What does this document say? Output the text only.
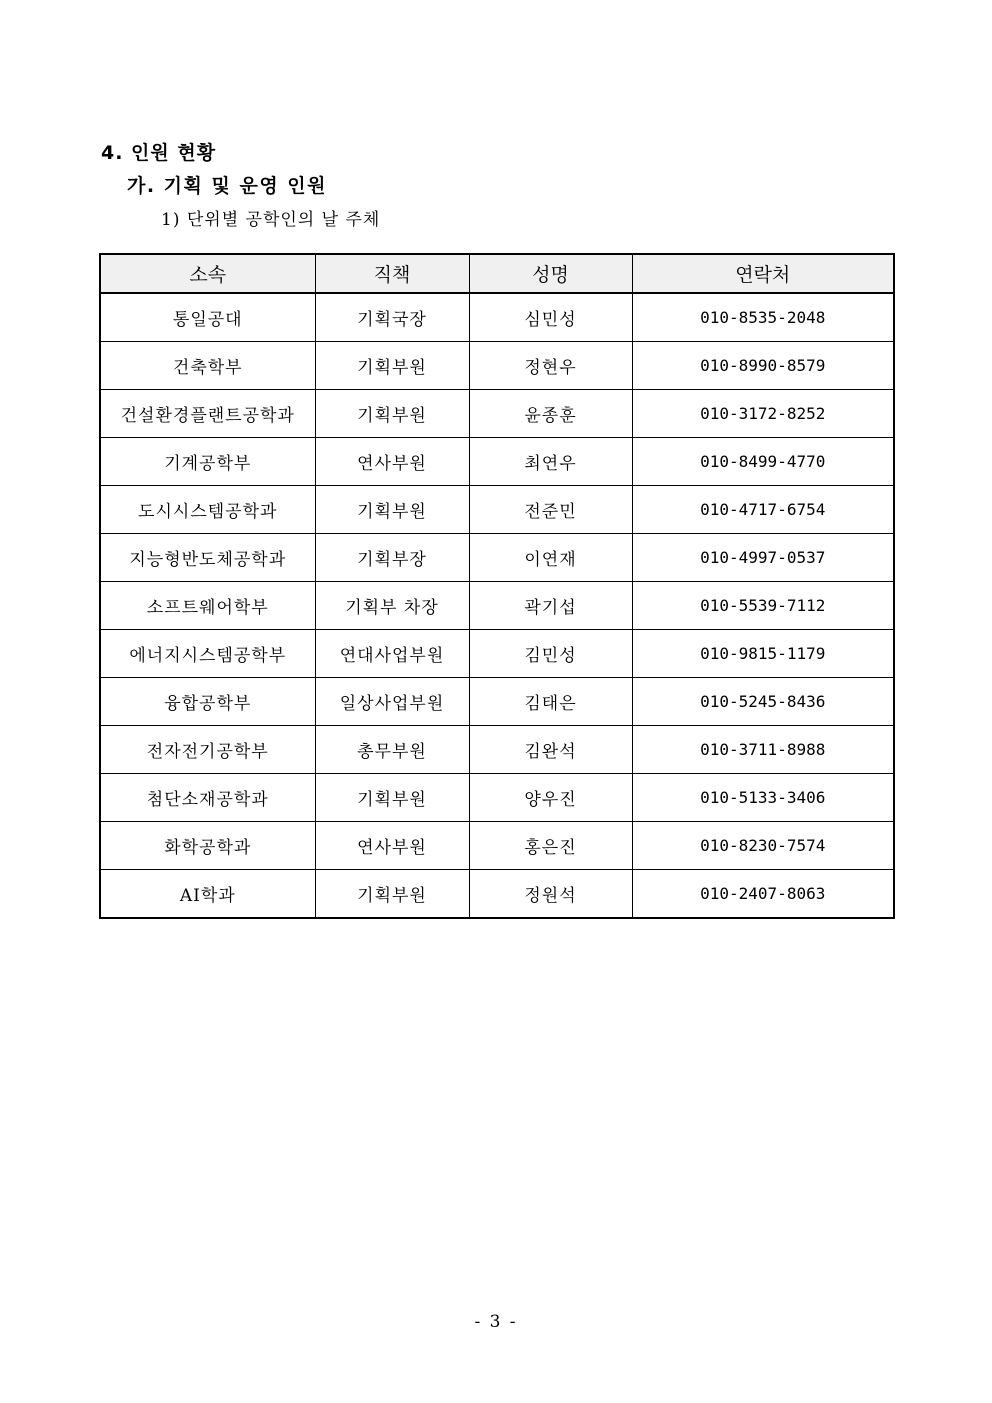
4. 인원 현황
가. 기획 및 운영 인원
1) 단위별 공학인의 날 주체
소속	직책	성명	연락처
통일공대	기획국장	심민성	010-8535-2048
건축학부	기획부원	정현우	010-8990-8579
건설환경플랜트공학과	기획부원	윤종훈	010-3172-8252
기계공학부	연사부원	최연우	010-8499-4770
도시시스템공학과	기획부원	전준민	010-4717-6754
지능형반도체공학과	기획부장	이연재	010-4997-0537
소프트웨어학부	기획부 차장	곽기섭	010-5539-7112
에너지시스템공학부	연대사업부원	김민성	010-9815-1179
융합공학부	일상사업부원	김태은	010-5245-8436
전자전기공학부	총무부원	김완석	010-3711-8988
첨단소재공학과	기획부원	양우진	010-5133-3406
화학공학과	연사부원	홍은진	010-8230-7574
AI학과	기획부원	정원석	010-2407-8063
- 3 -
